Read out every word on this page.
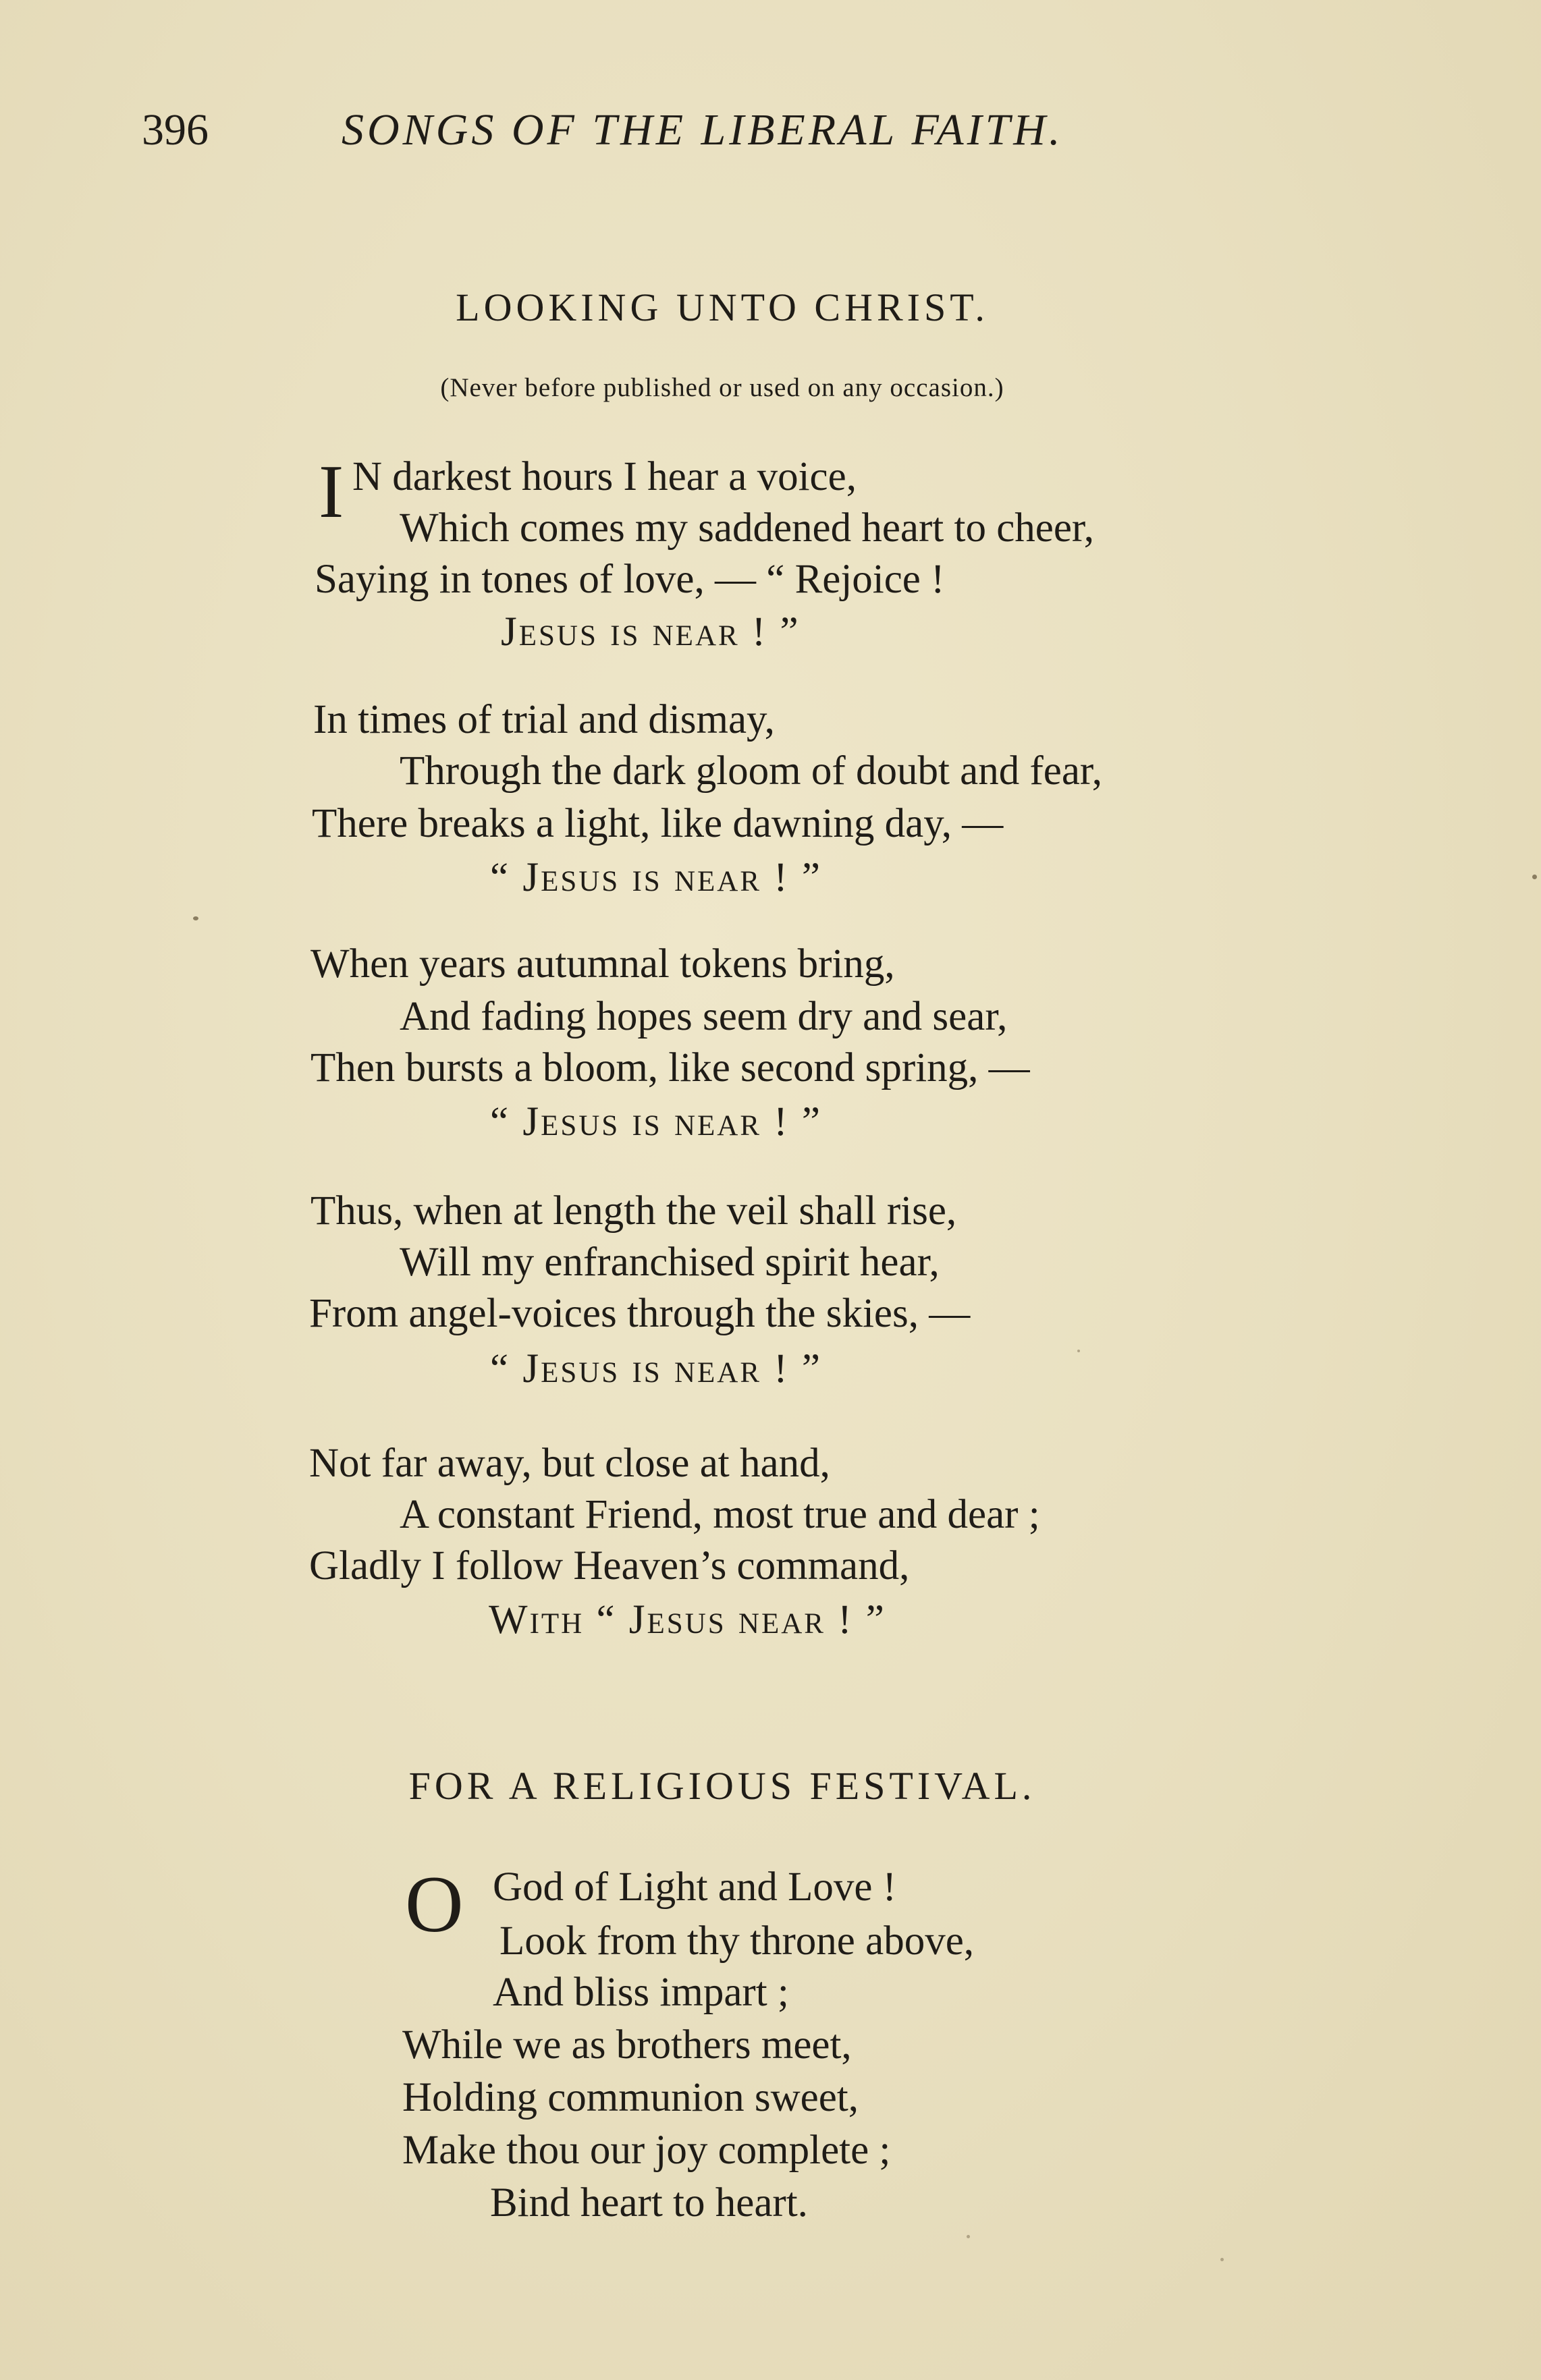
396	SONGS OF THE LIBERAL FAITH.
LOOKING UNTO CHRIST.
(Never before published or used on any occasion.)
I N darkest hours I hear a voice,
Which comes my saddened heart to cheer,
Saying in tones of love, — “ Rejoice !
Jesus is near ! ”
In times of trial and dismay,
Through the dark gloom of doubt and fear,
There breaks a light, like dawning day, —
“ Jesus is near ! ”
When years autumnal tokens bring,
And fading hopes seem dry and sear,
Then bursts a bloom, like second spring, —
“ Jesus is near ! ”
Thus, when at length the veil shall rise,
Will my enfranchised spirit hear,
From angel-voices through the skies, —
“ Jesus is near ! ”
Not far away, but close at hand,
A constant Friend, most true and dear ;
Gladly I follow Heaven’s command,
With “ Jesus near ! ”
FOR A RELIGIOUS FESTIVAL.
O God of Light and Love !
Look from thy throne above,
And bliss impart ;
While we as brothers meet,
Holding communion sweet,
Make thou our joy complete ;
Bind heart to heart.
